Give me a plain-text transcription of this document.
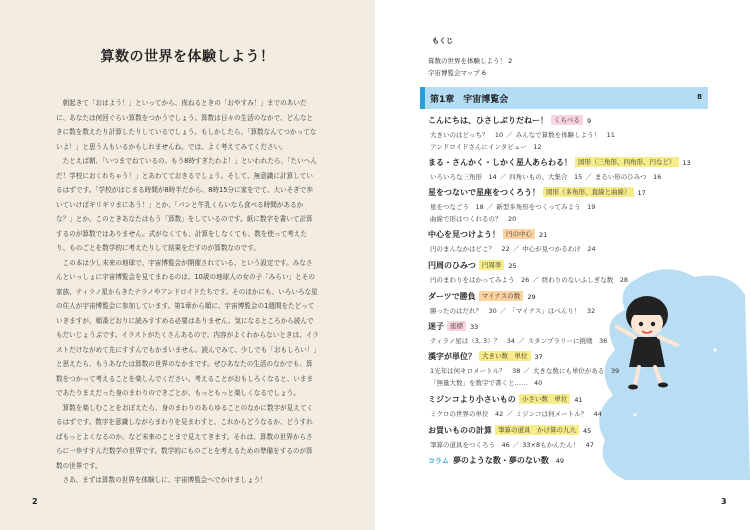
算数の世界を体験しよう！

朝起きて「おはよう！」といってから、夜ねるときの「おやすみ！」までのあいだに、あなたは何回ぐらい算数をつかうでしょう。算数は日々の生活のなかで、どんなときに数を数えたり計算したりしているでしょう。もしかしたら、「算数なんてつかってないよ！」と思う人もいるかもしれませんね。では、よく考えてみてください。

たとえば朝、「いつまでねているの。もう8時すぎたわよ！」といわれたら、「たいへんだ！学校におくれちゃう！」とあわてておきるでしょう。そして、無意識に計算しているはずです。「学校がはじまる時間が8時半だから、8時15分に家をでて、大いそぎで歩いていけばギリギリまにあう！」とか、「パンと牛乳くらいなら食べる時間があるかな？」とか。このときあなたはもう「算数」をしているのです。紙に数字を書いて計算するのが算数ではありません。式がなくても、計算をしなくても、数を使って考えたり、ものごとを数学的に考えたりして結果をだすのが算数なのです。

この本は少し未来の地球で、宇宙博覧会が開催されている、という設定です。みなさんといっしょに宇宙博覧会を見てまわるのは、10歳の地球人の女の子「みらい」とその家族、ティラノ星からきたテラノやアンドロイドたちです。そのほかにも、いろいろな星の住人が宇宙博覧会に参加しています。第1章から順に、宇宙博覧会の1週間をたどっていきますが、順番どおりに読みすすめる必要はありません。気になるところから読んでもだいじょうぶです。イラストがたくさんあるので、内容がよくわからないときは、イラストだけながめて先にすすんでもかまいません。読んでみて、少しでも「おもしろい！」と思えたら、もうあなたは算数の世界のなかまです。ぜひあなたの生活のなかでも、算数をつかって考えることを楽しんでください。考えることがおもしろくなると、いままであたりまえだった身のまわりのできごとが、もっともっと楽しくなるでしょう。

算数を楽しむことをおぼえたら、身のまわりのあらゆることのなかに数字が見えてくるはずです。数字を意識しながらまわりを見まわすと、これからどうなるか、どうすればもっとよくなるのか、など未来のことまで見えてきます。それは、算数の世界からさらに一歩すすんだ数学の世界です。数学的にものごとを考えるための準備をするのが算数の世界です。

さあ、まずは算数の世界を体験しに、宇宙博覧会へでかけましょう！

2
もくじ
算数の世界を体験しよう！ 2
宇宙博覧会マップ 6
第1章　宇宙博覧会	8
こんにちは、ひさしぶりだねー！ くらべる 9
大きいのはどっち？　10 ／ みんなで算数を体験しよう！　11
アンドロイドさんにインタビュー　12
まる・さんかく・しかく星人あらわる！ 図形（三角形、四角形、円など） 13
いろいろな三角形　14 ／ 四角いもの、大集合　15 ／ まるい形のひみつ　16
星をつないで星座をつくろう！ 図形（多角形、直線と曲線） 17
星をつなごう　18 ／ 新型多角形をつくってみよう　19
曲線で形はつくれるの？　20
中心を見つけよう！ 円の中心 21
円のまんなかはどこ？　22 ／ 中心が見つかるわけ　24
円周のひみつ 円周率 25
円のまわりをはかってみよう　26 ／ 終わりのないふしぎな数　28
ダーツで勝負 マイナスの数 29
勝ったのはだれ？　30 ／ 「マイナス」はべんり！　32
迷子 座標 33
ティラノ星は（3, 3）？　34 ／ スタンプラリーに挑戦　36
漢字が単位？ 大きい数　単位 37
1光年は何キロメートル？　38 ／ 大きな数にも単位がある　39
「無量大数」を数字で書くと……　40
ミジンコより小さいもの 小さい数　単位 41
ミクロの世界の単位　42 ／ ミジンコは何メートル？　44
お買いものの計算 筆算の道具　かけ算の九九 45
筆算の道具をつくろう　46 ／ 33×8もかんたん！　47
コラム 夢のような数・夢のない数 49
3
